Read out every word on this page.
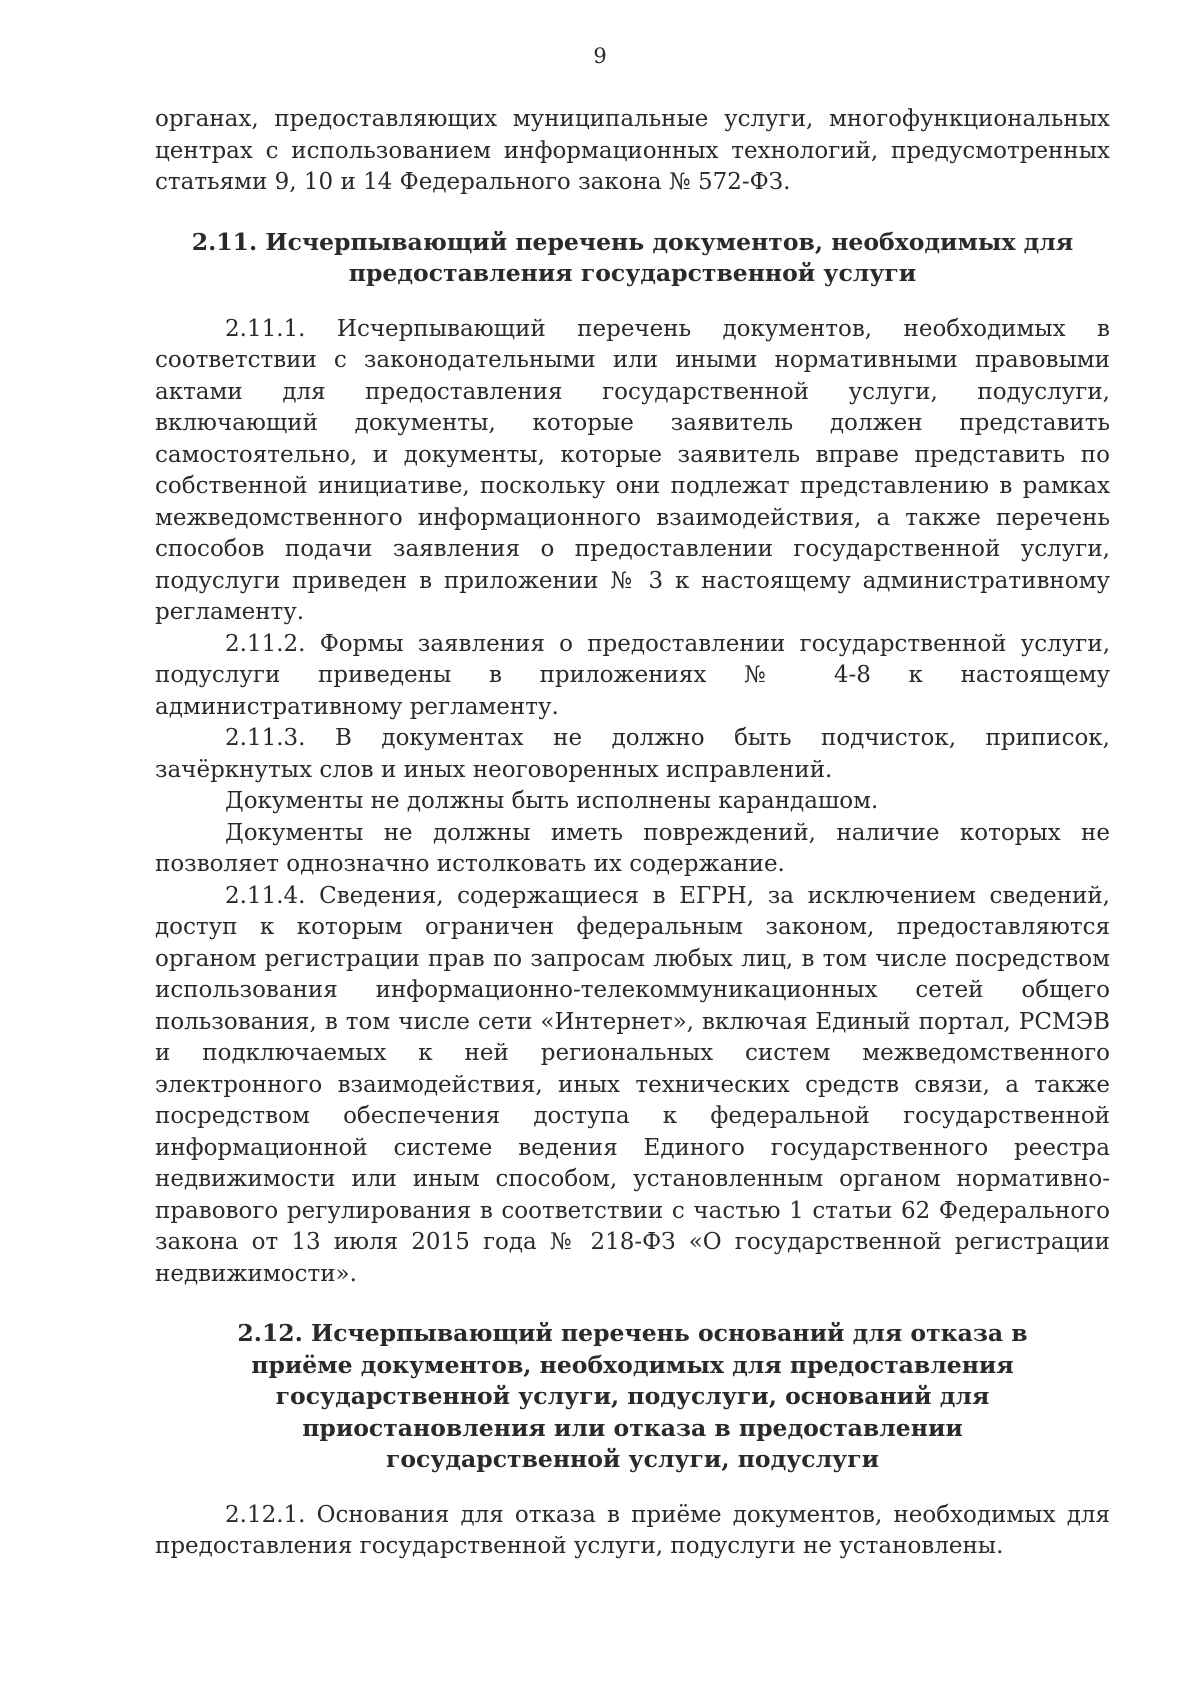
9

органах, предоставляющих муниципальные услуги, многофункциональных центрах с использованием информационных технологий, предусмотренных статьями 9, 10 и 14 Федерального закона № 572-ФЗ.

2.11. Исчерпывающий перечень документов, необходимых для предоставления государственной услуги

2.11.1. Исчерпывающий перечень документов, необходимых в соответствии с законодательными или иными нормативными правовыми актами для предоставления государственной услуги, подуслуги, включающий документы, которые заявитель должен представить самостоятельно, и документы, которые заявитель вправе представить по собственной инициативе, поскольку они подлежат представлению в рамках межведомственного информационного взаимодействия, а также перечень способов подачи заявления о предоставлении государственной услуги, подуслуги приведен в приложении № 3 к настоящему административному регламенту.

2.11.2. Формы заявления о предоставлении государственной услуги, подуслуги приведены в приложениях № 4-8 к настоящему административному регламенту.

2.11.3. В документах не должно быть подчисток, приписок, зачёркнутых слов и иных неоговоренных исправлений.

Документы не должны быть исполнены карандашом.

Документы не должны иметь повреждений, наличие которых не позволяет однозначно истолковать их содержание.

2.11.4. Сведения, содержащиеся в ЕГРН, за исключением сведений, доступ к которым ограничен федеральным законом, предоставляются органом регистрации прав по запросам любых лиц, в том числе посредством использования информационно-телекоммуникационных сетей общего пользования, в том числе сети «Интернет», включая Единый портал, РСМЭВ и подключаемых к ней региональных систем межведомственного электронного взаимодействия, иных технических средств связи, а также посредством обеспечения доступа к федеральной государственной информационной системе ведения Единого государственного реестра недвижимости или иным способом, установленным органом нормативно-правового регулирования в соответствии с частью 1 статьи 62 Федерального закона от 13 июля 2015 года № 218-ФЗ «О государственной регистрации недвижимости».

2.12. Исчерпывающий перечень оснований для отказа в приёме документов, необходимых для предоставления государственной услуги, подуслуги, оснований для приостановления или отказа в предоставлении государственной услуги, подуслуги

2.12.1. Основания для отказа в приёме документов, необходимых для предоставления государственной услуги, подуслуги не установлены.
